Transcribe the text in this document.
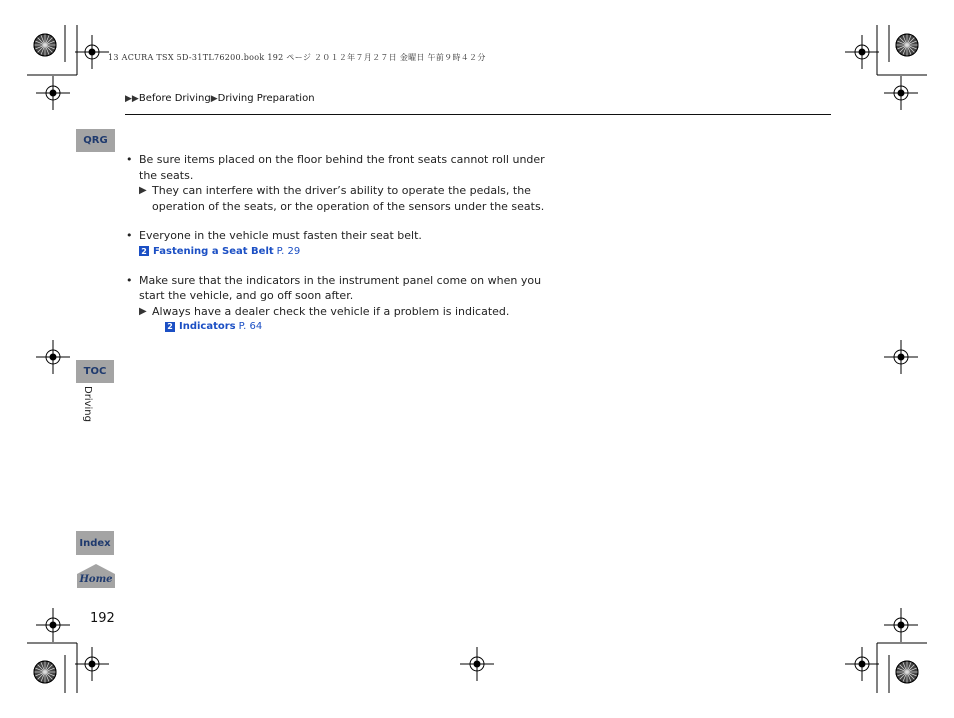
13 ACURA TSX 5D-31TL76200.book 192 ページ ２０１２年７月２７日 金曜日 午前９時４２分
▶▶Before Driving▶Driving Preparation
QRG
TOC
Driving
Index
Home
192
• Be sure items placed on the floor behind the front seats cannot roll under the seats.
▶ They can interfere with the driver’s ability to operate the pedals, the operation of the seats, or the operation of the sensors under the seats.
• Everyone in the vehicle must fasten their seat belt.
2 Fastening a Seat Belt P. 29
• Make sure that the indicators in the instrument panel come on when you start the vehicle, and go off soon after.
▶ Always have a dealer check the vehicle if a problem is indicated.
2 Indicators P. 64
